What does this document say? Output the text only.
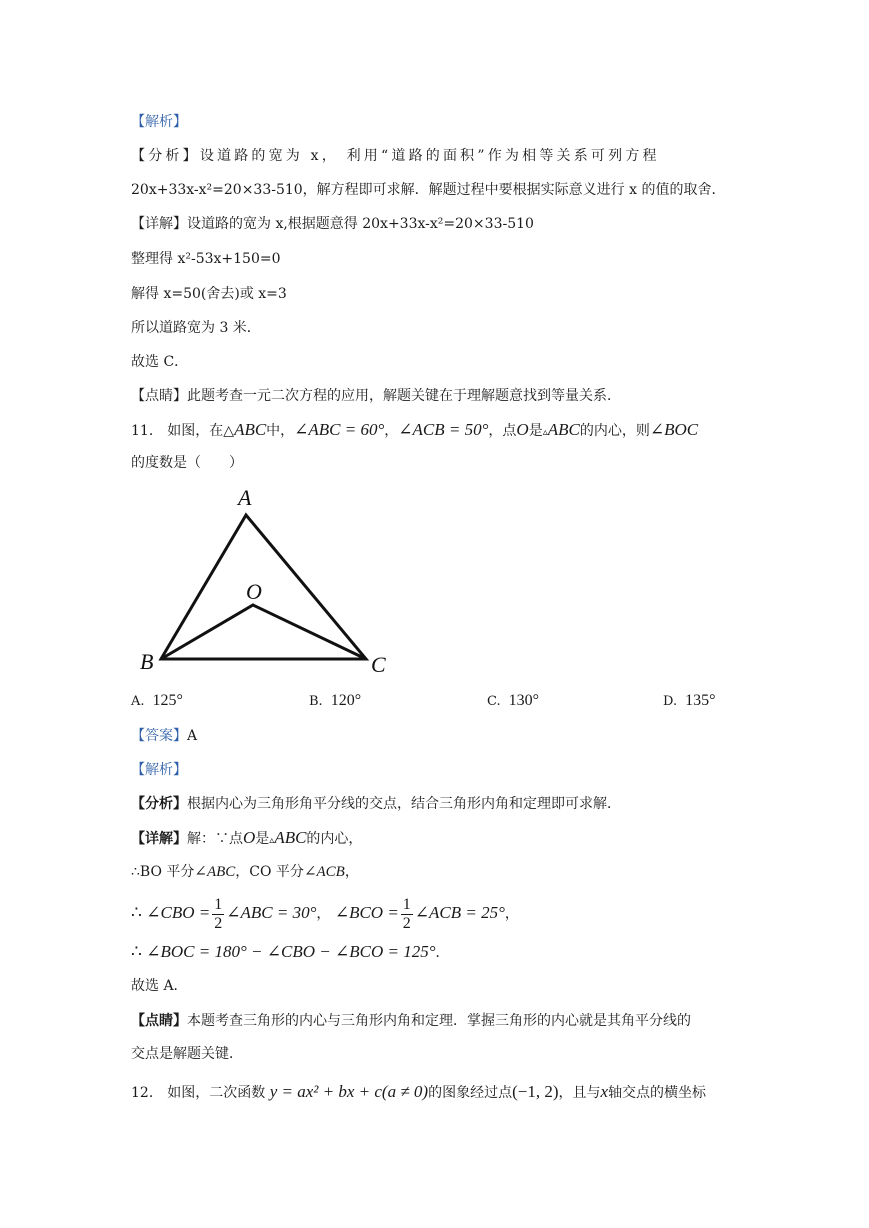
【解析】
【分析】设道路的宽为 x， 利用“道路的面积”作为相等关系可列方程
20x+33x-x²=20×33-510，解方程即可求解．解题过程中要根据实际意义进行 x 的值的取舍．
【详解】设道路的宽为 x,根据题意得 20x+33x-x²=20×33-510
整理得 x²-53x+150=0
解得 x=50(舍去)或 x=3
所以道路宽为 3 米．
故选 C．
【点睛】此题考查一元二次方程的应用，解题关键在于理解题意找到等量关系．
11． 如图，在△ABC中，∠ABC = 60°，∠ACB = 50°，点O是▵ABC的内心，则∠BOC
的度数是（　　）
A
B	C
O
A. 125°	B. 120°	C. 130°	D. 135°
【答案】A
【解析】
【分析】根据内心为三角形角平分线的交点，结合三角形内角和定理即可求解．
【详解】解：∵点O是▵ABC的内心，
∴BO 平分∠ABC，CO 平分∠ACB，
∴ ∠CBO = $\frac{1}{2}$ ∠ABC = 30°， ∠BCO = $\frac{1}{2}$ ∠ACB = 25°，
∴ ∠BOC = 180° − ∠CBO − ∠BCO = 125°．
故选 A．
【点睛】本题考查三角形的内心与三角形内角和定理．掌握三角形的内心就是其角平分线的
交点是解题关键．
12． 如图，二次函数 y = ax² + bx + c(a ≠ 0)的图象经过点(−1, 2)，且与x轴交点的横坐标
